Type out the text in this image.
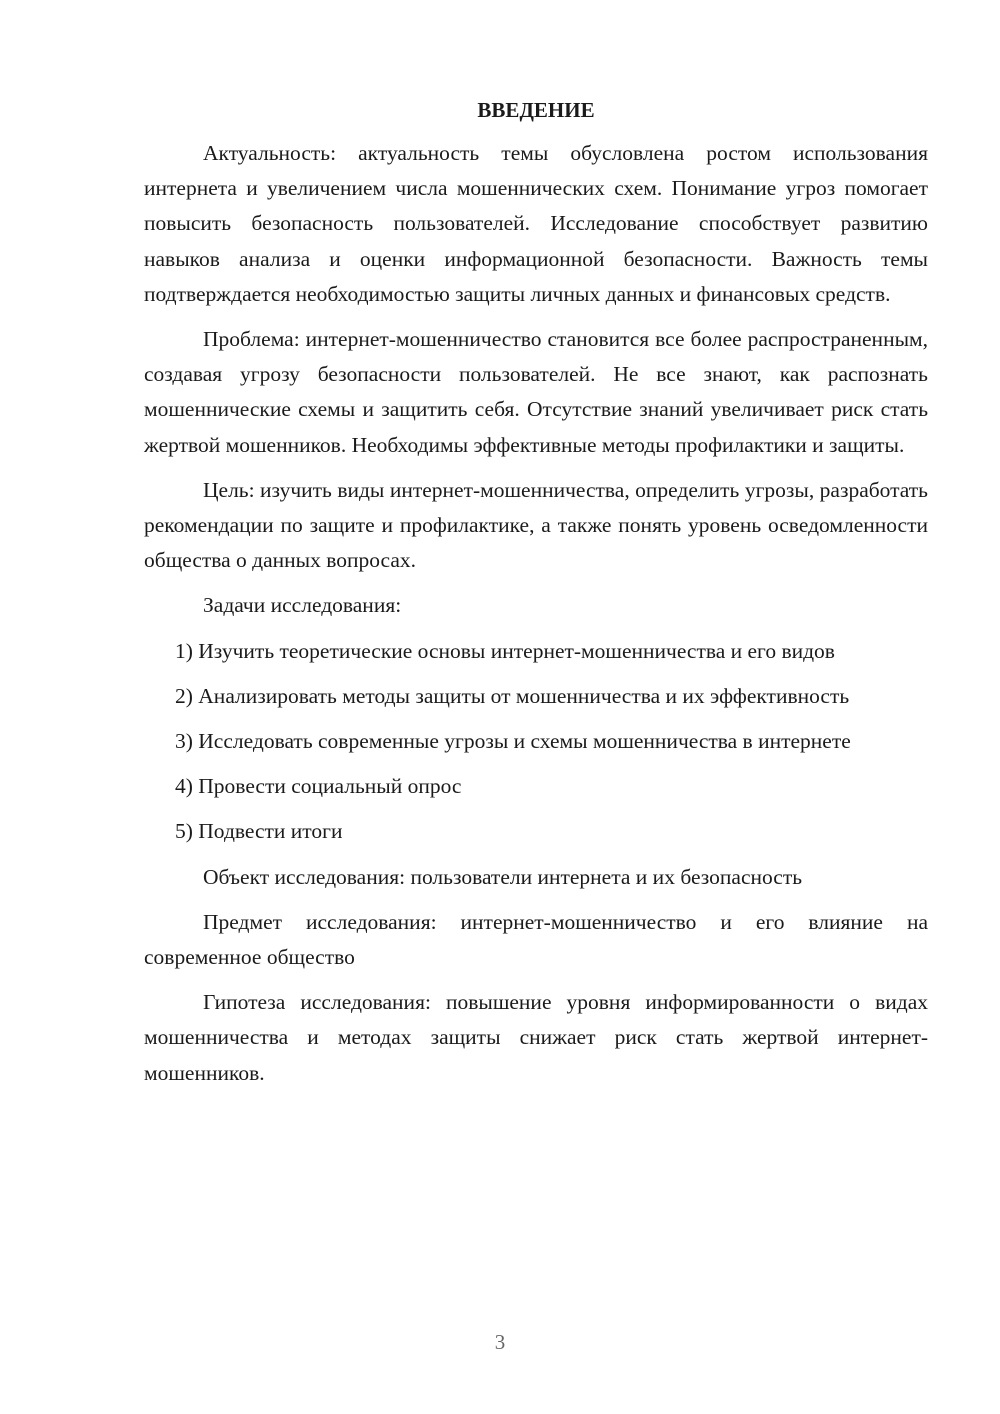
ВВЕДЕНИЕ

Актуальность: актуальность темы обусловлена ростом использования интернета и увеличением числа мошеннических схем. Понимание угроз помогает повысить безопасность пользователей. Исследование способствует развитию навыков анализа и оценки информационной безопасности. Важность темы подтверждается необходимостью защиты личных данных и финансовых средств.

Проблема: интернет-мошенничество становится все более распространенным, создавая угрозу безопасности пользователей. Не все знают, как распознать мошеннические схемы и защитить себя. Отсутствие знаний увеличивает риск стать жертвой мошенников. Необходимы эффективные методы профилактики и защиты.

Цель: изучить виды интернет-мошенничества, определить угрозы, разработать рекомендации по защите и профилактике, а также понять уровень осведомленности общества о данных вопросах.

Задачи исследования:

1) Изучить теоретические основы интернет-мошенничества и его видов

2) Анализировать методы защиты от мошенничества и их эффективность

3) Исследовать современные угрозы и схемы мошенничества в интернете

4) Провести социальный опрос

5) Подвести итоги

Объект исследования: пользователи интернета и их безопасность

Предмет исследования: интернет-мошенничество и его влияние на современное общество

Гипотеза исследования: повышение уровня информированности о видах мошенничества и методах защиты снижает риск стать жертвой интернет-мошенников.

3
